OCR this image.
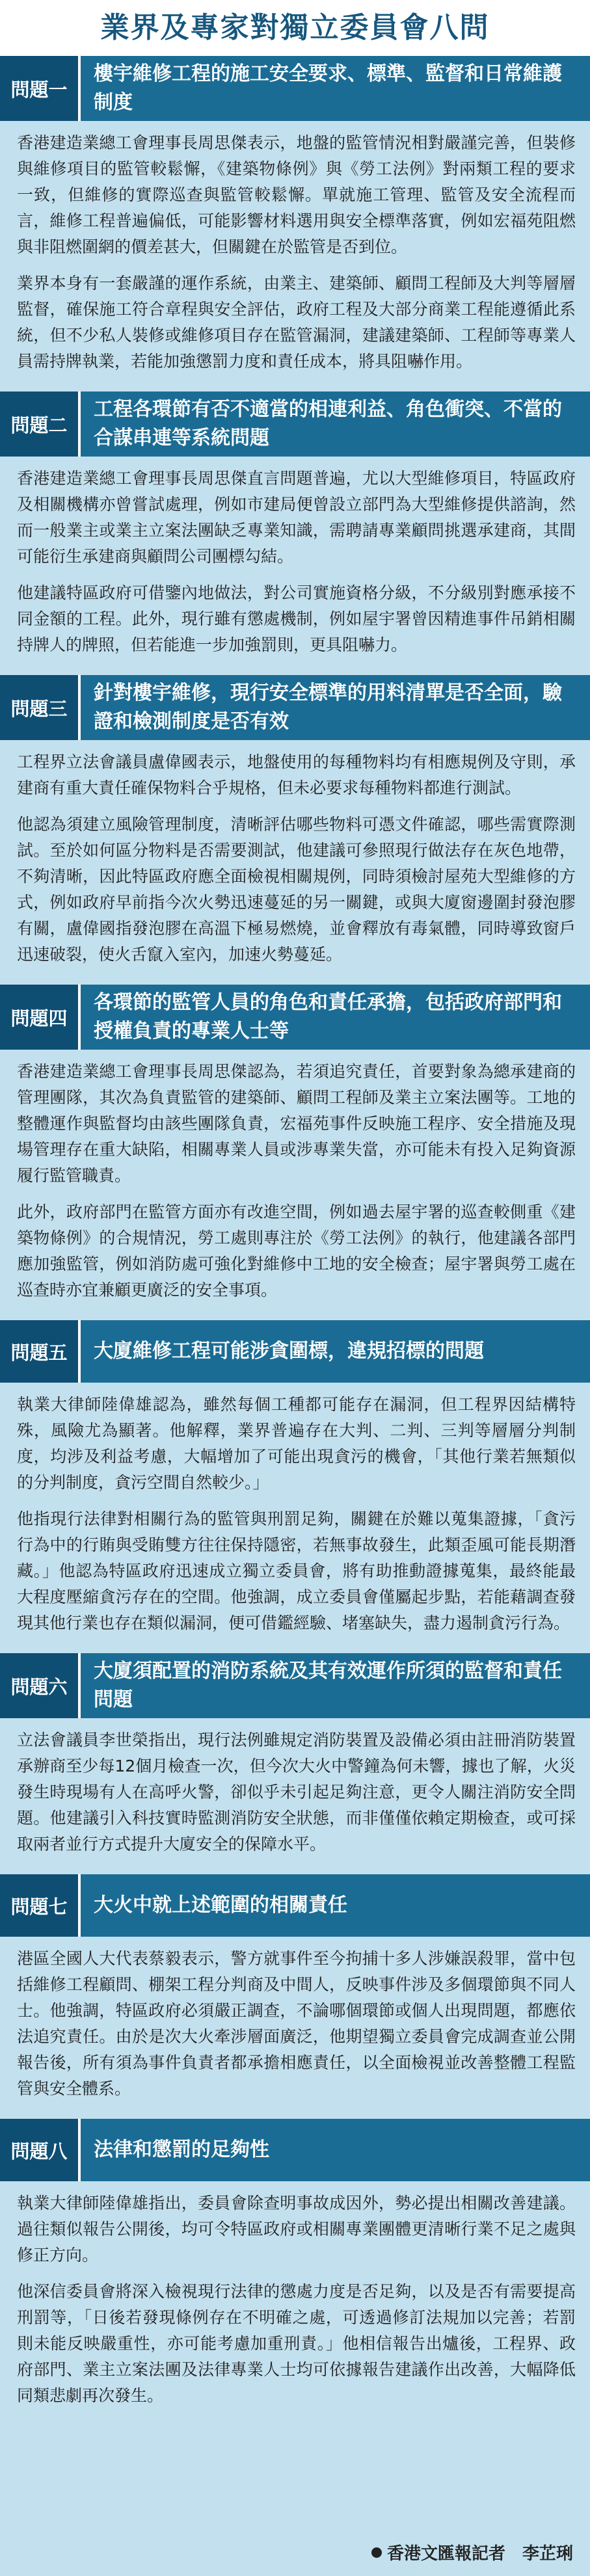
業界及專家對獨立委員會八問
問題一
樓宇維修工程的施工安全要求、標準、監督和日常維護制度

香港建造業總工會理事長周思傑表示，地盤的監管情況相對嚴謹完善，但裝修與維修項目的監管較鬆懈，《建築物條例》與《勞工法例》對兩類工程的要求一致，但維修的實際巡查與監管較鬆懈。單就施工管理、監管及安全流程而言，維修工程普遍偏低，可能影響材料選用與安全標準落實，例如宏福苑阻燃與非阻燃圍網的價差甚大，但關鍵在於監管是否到位。

業界本身有一套嚴謹的運作系統，由業主、建築師、顧問工程師及大判等層層監督，確保施工符合章程與安全評估，政府工程及大部分商業工程能遵循此系統，但不少私人裝修或維修項目存在監管漏洞，建議建築師、工程師等專業人員需持牌執業，若能加強懲罰力度和責任成本，將具阻嚇作用。

問題二
工程各環節有否不適當的相連利益、角色衝突、不當的合謀串連等系統問題

香港建造業總工會理事長周思傑直言問題普遍，尤以大型維修項目，特區政府及相關機構亦曾嘗試處理，例如市建局便曾設立部門為大型維修提供諮詢，然而一般業主或業主立案法團缺乏專業知識，需聘請專業顧問挑選承建商，其間可能衍生承建商與顧問公司團標勾結。

他建議特區政府可借鑒內地做法，對公司實施資格分級，不分級別對應承接不同金額的工程。此外，現行雖有懲處機制，例如屋宇署曾因精進事件吊銷相關持牌人的牌照，但若能進一步加強罰則，更具阻嚇力。

問題三
針對樓宇維修，現行安全標準的用料清單是否全面，驗證和檢測制度是否有效

工程界立法會議員盧偉國表示，地盤使用的每種物料均有相應規例及守則，承建商有重大責任確保物料合乎規格，但未必要求每種物料都進行測試。

他認為須建立風險管理制度，清晰評估哪些物料可憑文件確認，哪些需實際測試。至於如何區分物料是否需要測試，他建議可參照現行做法存在灰色地帶，不夠清晰，因此特區政府應全面檢視相關規例，同時須檢討屋苑大型維修的方式，例如政府早前指今次火勢迅速蔓延的另一關鍵，或與大廈窗邊圍封發泡膠有關，盧偉國指發泡膠在高溫下極易燃燒，並會釋放有毒氣體，同時導致窗戶迅速破裂，使火舌竄入室內，加速火勢蔓延。

問題四
各環節的監管人員的角色和責任承擔，包括政府部門和授權負責的專業人士等

香港建造業總工會理事長周思傑認為，若須追究責任，首要對象為總承建商的管理團隊，其次為負責監管的建築師、顧問工程師及業主立案法團等。工地的整體運作與監督均由該些團隊負責，宏福苑事件反映施工程序、安全措施及現場管理存在重大缺陷，相關專業人員或涉專業失當，亦可能未有投入足夠資源履行監管職責。

此外，政府部門在監管方面亦有改進空間，例如過去屋宇署的巡查較側重《建築物條例》的合規情況，勞工處則專注於《勞工法例》的執行，他建議各部門應加強監管，例如消防處可強化對維修中工地的安全檢查；屋宇署與勞工處在巡查時亦宜兼顧更廣泛的安全事項。

問題五	大廈維修工程可能涉貪圍標，違規招標的問題

執業大律師陸偉雄認為，雖然每個工種都可能存在漏洞，但工程界因結構特殊，風險尤為顯著。他解釋，業界普遍存在大判、二判、三判等層層分判制度，均涉及利益考慮，大幅增加了可能出現貪污的機會，「其他行業若無類似的分判制度，貪污空間自然較少。」

他指現行法律對相關行為的監管與刑罰足夠，關鍵在於難以蒐集證據，「貪污行為中的行賄與受賄雙方往往保持隱密，若無事故發生，此類歪風可能長期潛藏。」他認為特區政府迅速成立獨立委員會，將有助推動證據蒐集，最終能最大程度壓縮貪污存在的空間。他強調，成立委員會僅屬起步點，若能藉調查發現其他行業也存在類似漏洞，便可借鑑經驗、堵塞缺失，盡力遏制貪污行為。

問題六
大廈須配置的消防系統及其有效運作所須的監督和責任問題

立法會議員李世榮指出，現行法例雖規定消防裝置及設備必須由註冊消防裝置承辦商至少每12個月檢查一次，但今次大火中警鐘為何未響，據也了解，火災發生時現場有人在高呼火警，卻似乎未引起足夠注意，更令人關注消防安全問題。他建議引入科技實時監測消防安全狀態，而非僅僅依賴定期檢查，或可採取兩者並行方式提升大廈安全的保障水平。

問題七	大火中就上述範圍的相關責任

港區全國人大代表蔡毅表示，警方就事件至今拘捕十多人涉嫌誤殺罪，當中包括維修工程顧問、棚架工程分判商及中間人，反映事件涉及多個環節與不同人士。他強調，特區政府必須嚴正調查，不論哪個環節或個人出現問題，都應依法追究責任。由於是次大火牽涉層面廣泛，他期望獨立委員會完成調查並公開報告後，所有須為事件負責者都承擔相應責任，以全面檢視並改善整體工程監管與安全體系。

問題八	法律和懲罰的足夠性

執業大律師陸偉雄指出，委員會除查明事故成因外，勢必提出相關改善建議。過往類似報告公開後，均可令特區政府或相關專業團體更清晰行業不足之處與修正方向。

他深信委員會將深入檢視現行法律的懲處力度是否足夠，以及是否有需要提高刑罰等，「日後若發現條例存在不明確之處，可透過修訂法規加以完善；若罰則未能反映嚴重性，亦可能考慮加重刑責。」他相信報告出爐後，工程界、政府部門、業主立案法團及法律專業人士均可依據報告建議作出改善，大幅降低同類悲劇再次發生。

香港文匯報記者　李芷琍
